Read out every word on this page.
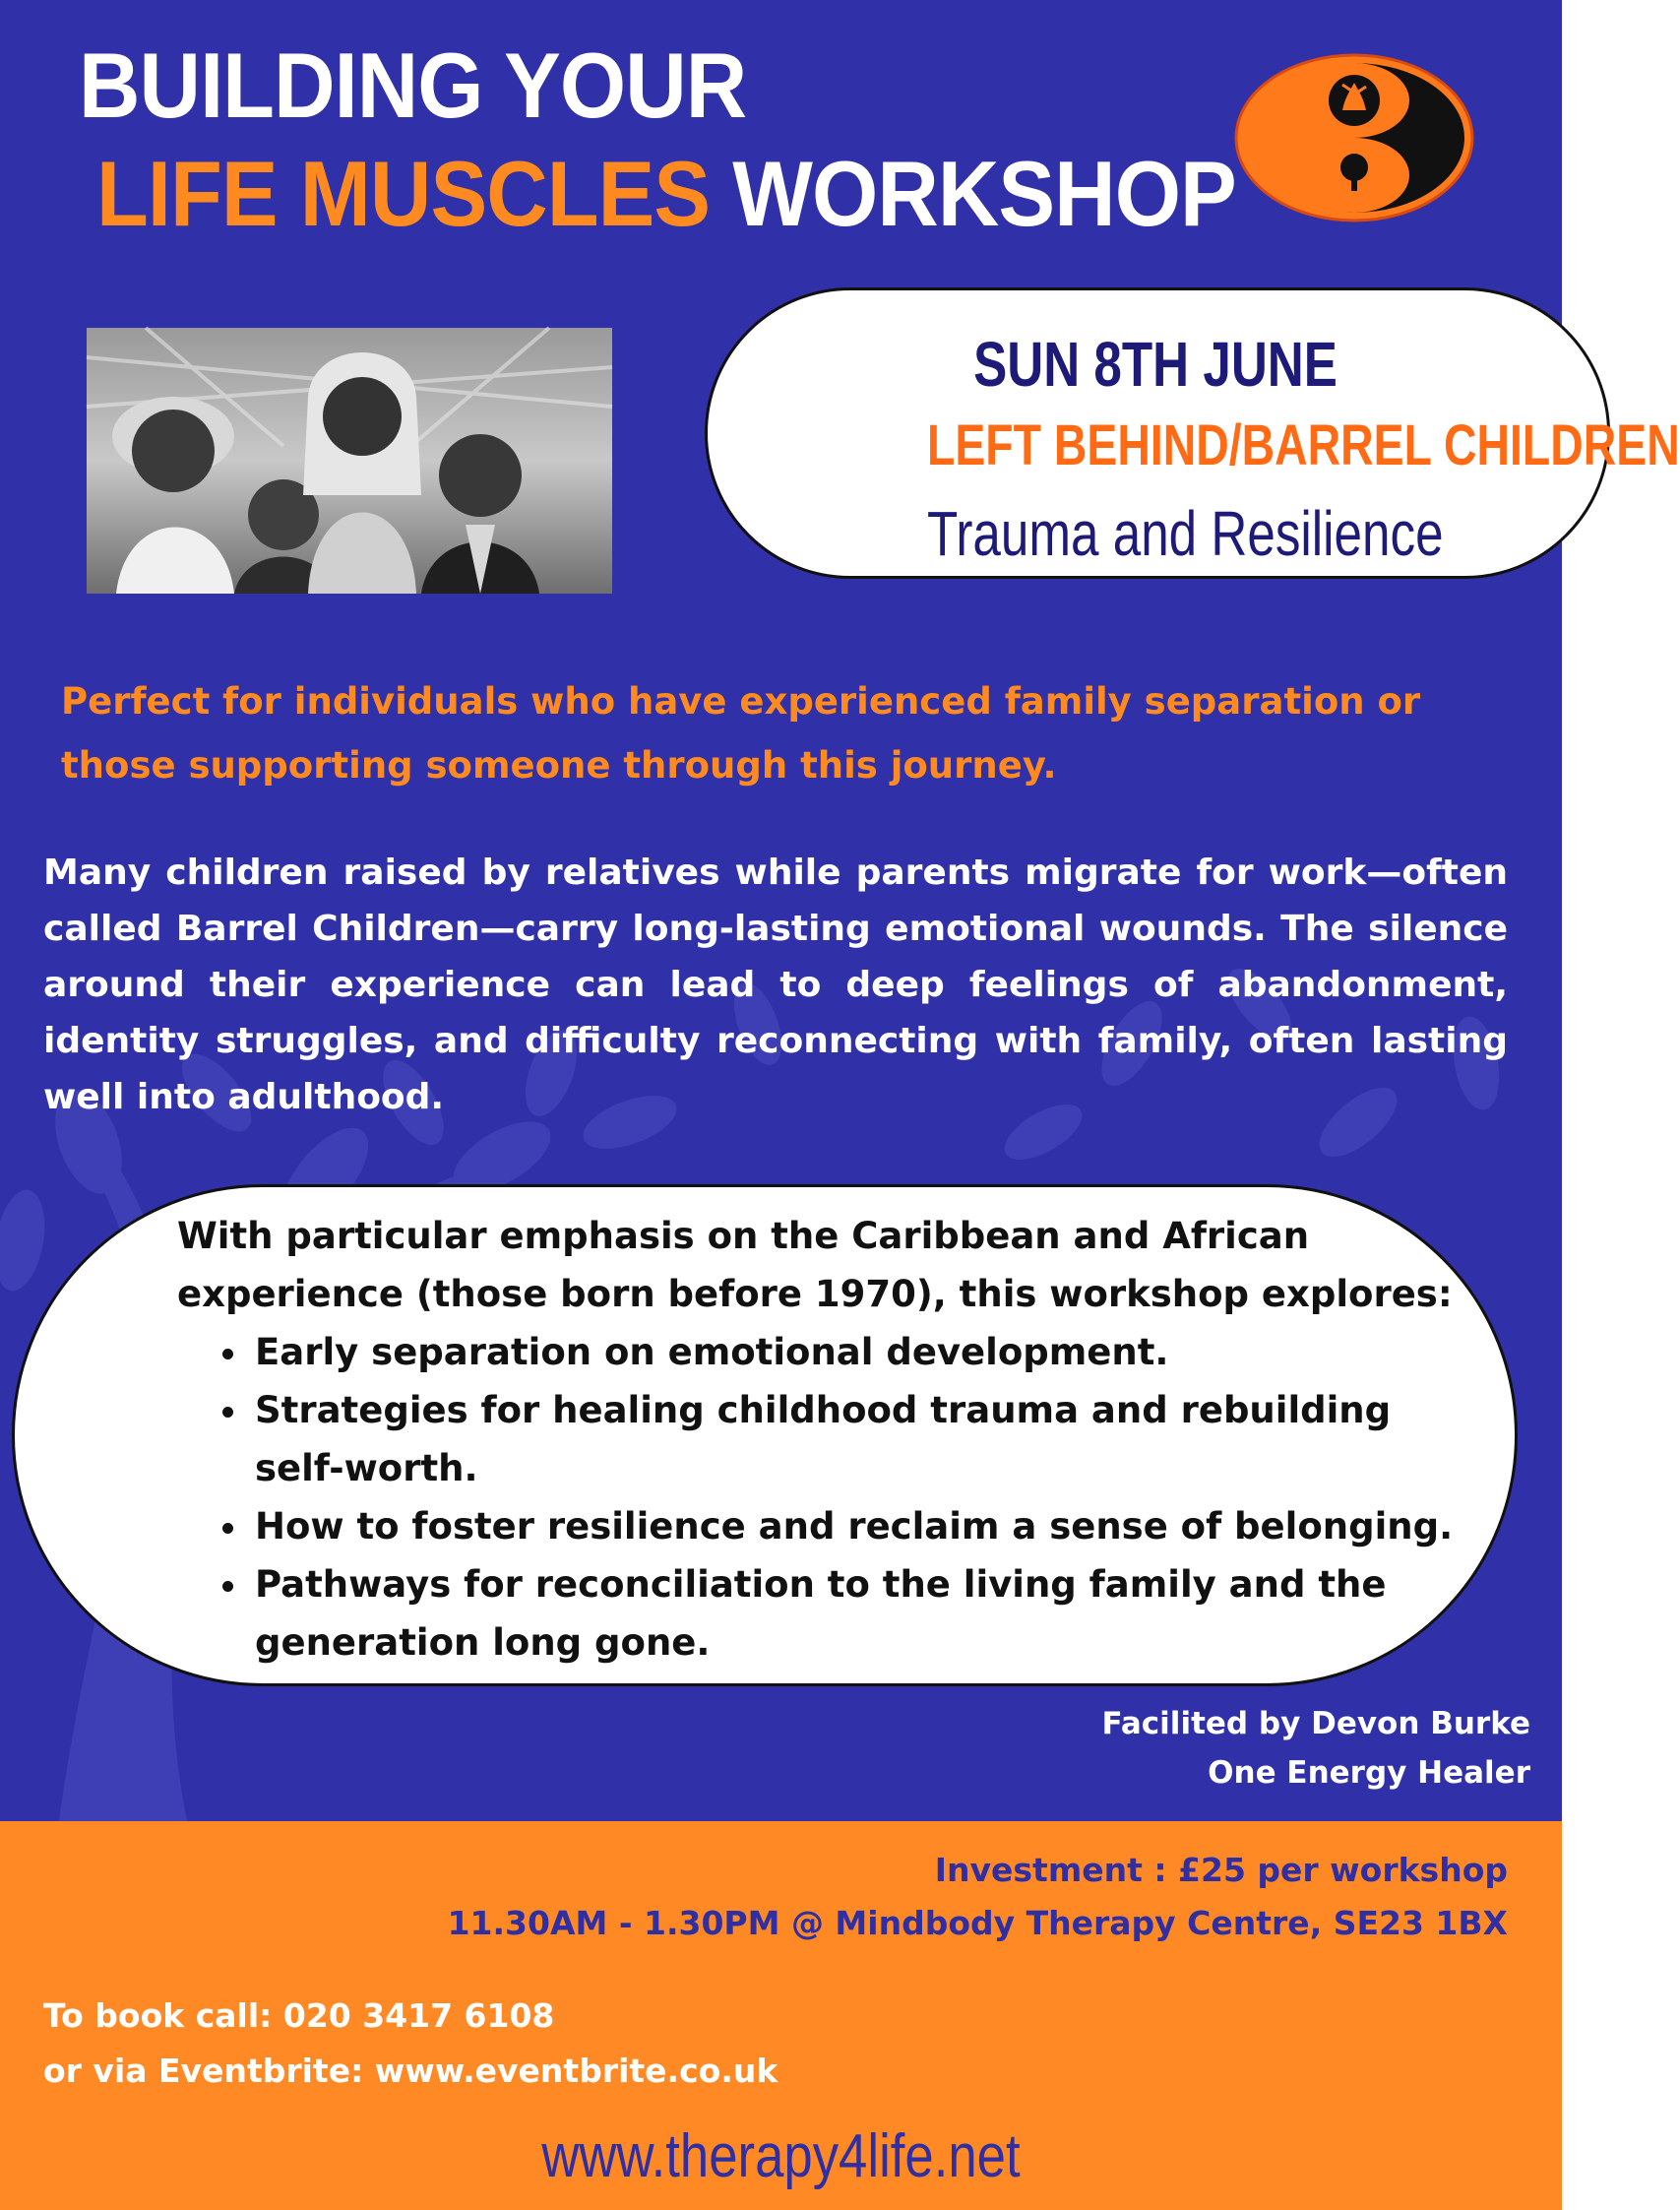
BUILDING YOUR
LIFE MUSCLES WORKSHOP
SUN 8TH JUNE
LEFT BEHIND/BARREL CHILDREN
Trauma and Resilience
Perfect for individuals who have experienced family separation or
those supporting someone through this journey.
Many children raised by relatives while parents migrate for work—often called Barrel Children—carry long-lasting emotional wounds. The silence around their experience can lead to deep feelings of abandonment, identity struggles, and difficulty reconnecting with family, often lasting well into adulthood.
With particular emphasis on the Caribbean and African experience (those born before 1970), this workshop explores:
• Early separation on emotional development.
• Strategies for healing childhood trauma and rebuilding self-worth.
• How to foster resilience and reclaim a sense of belonging.
• Pathways for reconciliation to the living family and the generation long gone.
Facilited by Devon Burke
One Energy Healer
Investment : £25 per workshop
11.30AM - 1.30PM @ Mindbody Therapy Centre, SE23 1BX
To book call: 020 3417 6108
or via Eventbrite: www.eventbrite.co.uk
www.therapy4life.net
